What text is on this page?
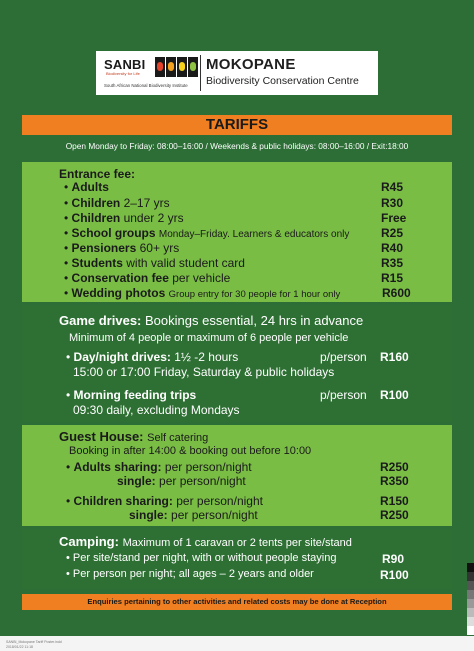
SANBI
Biodiversity for Life
South African National Biodiversity Institute
MOKOPANE
Biodiversity Conservation Centre
TARIFFS
Open Monday to Friday: 08:00–16:00 / Weekends & public holidays: 08:00–16:00 / Exit:18:00
Entrance fee:
• Adults	R45
• Children 2–17 yrs	R30
• Children under 2 yrs	Free
• School groups Monday–Friday. Learners & educators only	R25
• Pensioners 60+ yrs	R40
• Students with valid student card	R35
• Conservation fee per vehicle	R15
• Wedding photos Group entry for 30 people for 1 hour only	R600
Game drives: Bookings essential, 24 hrs in advance
Minimum of 4 people or maximum of 6 people per vehicle
• Day/night drives: 1½ -2 hours	p/person R160
15:00 or 17:00 Friday, Saturday & public holidays
• Morning feeding trips	p/person R100
09:30 daily, excluding Mondays
Guest House: Self catering
Booking in after 14:00 & booking out before 10:00
• Adults sharing: per person/night	R250
single: per person/night	R350
• Children sharing: per person/night	R150
single: per person/night	R250
Camping: Maximum of 1 caravan or 2 tents per site/stand
• Per site/stand per night, with or without people staying	R90
• Per person per night; all ages – 2 years and older	R100
Enquiries pertaining to other activities and related costs may be done at Reception
SANBI_Mokopane Tariff Poster.indd
2018/01/22 11:18
